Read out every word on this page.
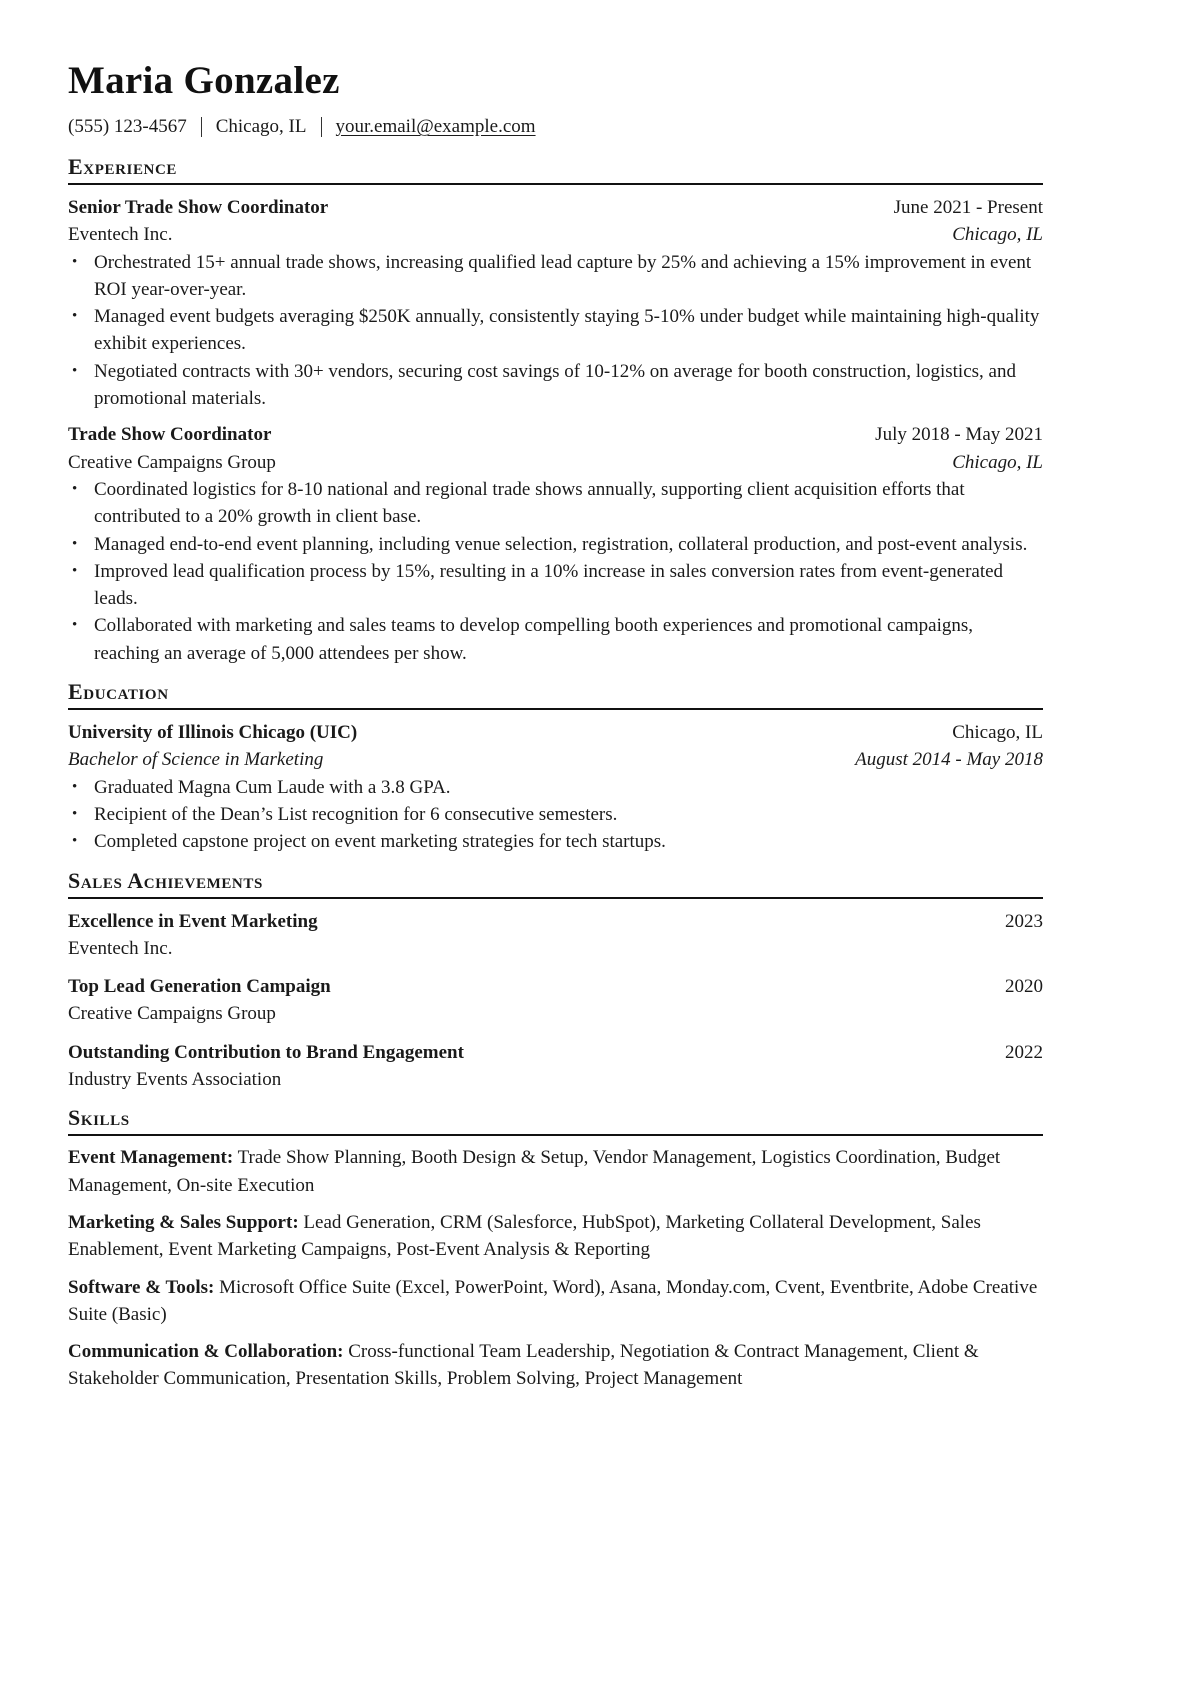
Maria Gonzalez
(555) 123-4567 Chicago, IL your.email@example.com
Experience
Senior Trade Show Coordinator	June 2021 - Present
Eventech Inc.	Chicago, IL
• Orchestrated 15+ annual trade shows, increasing qualified lead capture by 25% and achieving a 15% improvement in event ROI year-over-year.
• Managed event budgets averaging $250K annually, consistently staying 5-10% under budget while maintaining high-quality exhibit experiences.
• Negotiated contracts with 30+ vendors, securing cost savings of 10-12% on average for booth construction, logistics, and promotional materials.
Trade Show Coordinator	July 2018 - May 2021
Creative Campaigns Group	Chicago, IL
• Coordinated logistics for 8-10 national and regional trade shows annually, supporting client acquisition efforts that contributed to a 20% growth in client base.
• Managed end-to-end event planning, including venue selection, registration, collateral production, and post-event analysis.
• Improved lead qualification process by 15%, resulting in a 10% increase in sales conversion rates from event-generated leads.
• Collaborated with marketing and sales teams to develop compelling booth experiences and promotional campaigns, reaching an average of 5,000 attendees per show.
Education
University of Illinois Chicago (UIC)	Chicago, IL
Bachelor of Science in Marketing	August 2014 - May 2018
• Graduated Magna Cum Laude with a 3.8 GPA.
• Recipient of the Dean’s List recognition for 6 consecutive semesters.
• Completed capstone project on event marketing strategies for tech startups.
Sales Achievements
Excellence in Event Marketing	2023
Eventech Inc.
Top Lead Generation Campaign	2020
Creative Campaigns Group
Outstanding Contribution to Brand Engagement	2022
Industry Events Association
Skills
Event Management: Trade Show Planning, Booth Design & Setup, Vendor Management, Logistics Coordination, Budget Management, On-site Execution
Marketing & Sales Support: Lead Generation, CRM (Salesforce, HubSpot), Marketing Collateral Development, Sales Enablement, Event Marketing Campaigns, Post-Event Analysis & Reporting
Software & Tools: Microsoft Office Suite (Excel, PowerPoint, Word), Asana, Monday.com, Cvent, Eventbrite, Adobe Creative Suite (Basic)
Communication & Collaboration: Cross-functional Team Leadership, Negotiation & Contract Management, Client & Stakeholder Communication, Presentation Skills, Problem Solving, Project Management
